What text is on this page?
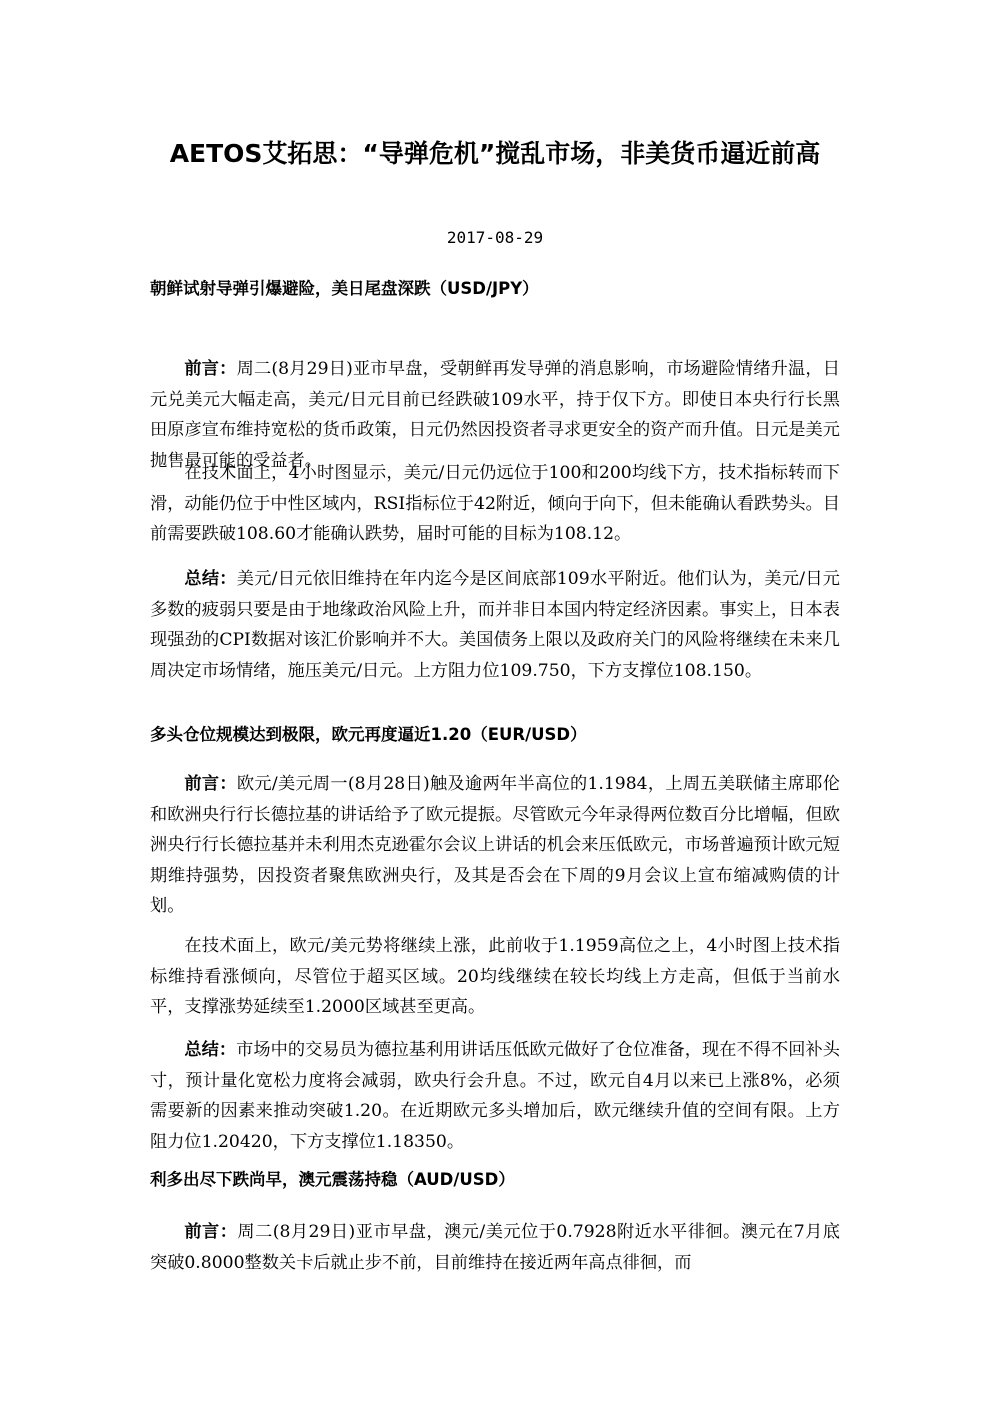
AETOS艾拓思：“导弹危机”搅乱市场，非美货币逼近前高
2017-08-29
朝鲜试射导弹引爆避险，美日尾盘深跌（USD/JPY）

前言：周二(8月29日)亚市早盘，受朝鲜再发导弹的消息影响，市场避险情绪升温，日元兑美元大幅走高，美元/日元目前已经跌破109水平，持于仅下方。即使日本央行行长黑田原彦宣布维持宽松的货币政策，日元仍然因投资者寻求更安全的资产而升值。日元是美元抛售最可能的受益者。

在技术面上，4小时图显示，美元/日元仍远位于100和200均线下方，技术指标转而下滑，动能仍位于中性区域内，RSI指标位于42附近，倾向于向下，但未能确认看跌势头。目前需要跌破108.60才能确认跌势，届时可能的目标为108.12。

总结：美元/日元依旧维持在年内迄今是区间底部109水平附近。他们认为，美元/日元多数的疲弱只要是由于地缘政治风险上升，而并非日本国内特定经济因素。事实上，日本表现强劲的CPI数据对该汇价影响并不大。美国债务上限以及政府关门的风险将继续在未来几周决定市场情绪，施压美元/日元。上方阻力位109.750，下方支撑位108.150。

多头仓位规模达到极限，欧元再度逼近1.20（EUR/USD）

前言：欧元/美元周一(8月28日)触及逾两年半高位的1.1984，上周五美联储主席耶伦和欧洲央行行长德拉基的讲话给予了欧元提振。尽管欧元今年录得两位数百分比增幅，但欧洲央行行长德拉基并未利用杰克逊霍尔会议上讲话的机会来压低欧元，市场普遍预计欧元短期维持强势，因投资者聚焦欧洲央行，及其是否会在下周的9月会议上宣布缩减购债的计划。

在技术面上，欧元/美元势将继续上涨，此前收于1.1959高位之上，4小时图上技术指标维持看涨倾向，尽管位于超买区域。20均线继续在较长均线上方走高，但低于当前水平，支撑涨势延续至1.2000区域甚至更高。

总结：市场中的交易员为德拉基利用讲话压低欧元做好了仓位准备，现在不得不回补头寸，预计量化宽松力度将会减弱，欧央行会升息。不过，欧元自4月以来已上涨8%，必须需要新的因素来推动突破1.20。在近期欧元多头增加后，欧元继续升值的空间有限。上方阻力位1.20420，下方支撑位1.18350。

利多出尽下跌尚早，澳元震荡持稳（AUD/USD）

前言：周二(8月29日)亚市早盘，澳元/美元位于0.7928附近水平徘徊。澳元在7月底突破0.8000整数关卡后就止步不前，目前维持在接近两年高点徘徊，而
